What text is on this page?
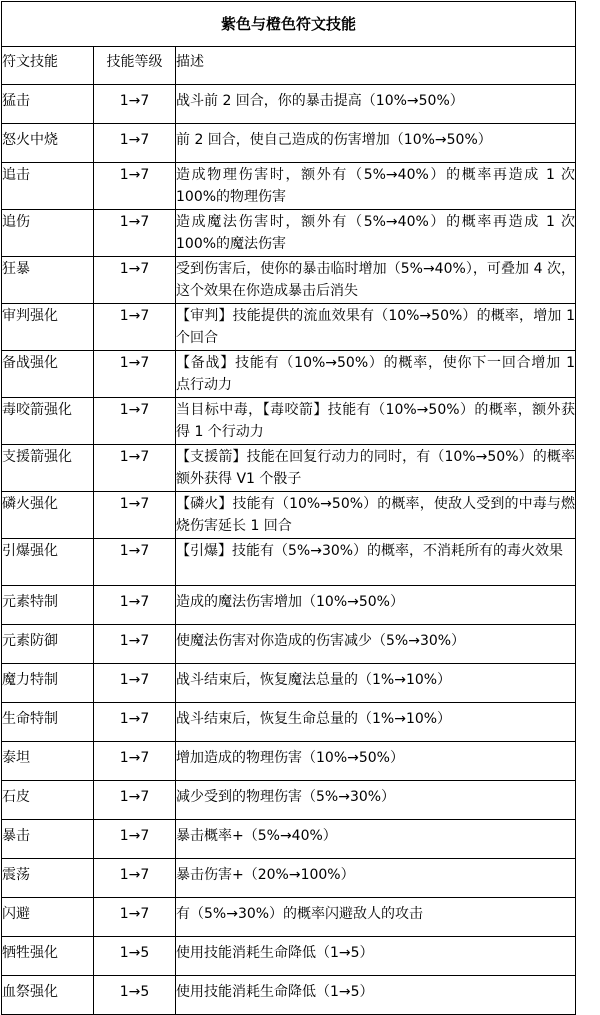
紫色与橙色符文技能		
符文技能	技能等级	描述
猛击	1→7	战斗前 2 回合，你的暴击提高（10%→50%）
怒火中烧	1→7	前 2 回合，使自己造成的伤害增加（10%→50%）
追击	1→7	造成物理伤害时，额外有（5%→40%）的概率再造成 1 次 100%的物理伤害
追伤	1→7	造成魔法伤害时，额外有（5%→40%）的概率再造成 1 次 100%的魔法伤害
狂暴	1→7	受到伤害后，使你的暴击临时增加（5%→40%），可叠加 4 次，这个效果在你造成暴击后消失
审判强化	1→7	【审判】技能提供的流血效果有（10%→50%）的概率，增加 1 个回合
备战强化	1→7	【备战】技能有（10%→50%）的概率，使你下一回合增加 1 点行动力
毒咬箭强化	1→7	当目标中毒，【毒咬箭】技能有（10%→50%）的概率，额外获得 1 个行动力
支援箭强化	1→7	【支援箭】技能在回复行动力的同时，有（10%→50%）的概率额外获得 V1 个骰子
磷火强化	1→7	【磷火】技能有（10%→50%）的概率，使敌人受到的中毒与燃烧伤害延长 1 回合
引爆强化	1→7	【引爆】技能有（5%→30%）的概率，不消耗所有的毒火效果
元素特制	1→7	造成的魔法伤害增加（10%→50%）
元素防御	1→7	使魔法伤害对你造成的伤害减少（5%→30%）
魔力特制	1→7	战斗结束后，恢复魔法总量的（1%→10%）
生命特制	1→7	战斗结束后，恢复生命总量的（1%→10%）
泰坦	1→7	增加造成的物理伤害（10%→50%）
石皮	1→7	减少受到的物理伤害（5%→30%）
暴击	1→7	暴击概率+（5%→40%）
震荡	1→7	暴击伤害+（20%→100%）
闪避	1→7	有（5%→30%）的概率闪避敌人的攻击
牺牲强化	1→5	使用技能消耗生命降低（1→5）
血祭强化	1→5	使用技能消耗生命降低（1→5）
